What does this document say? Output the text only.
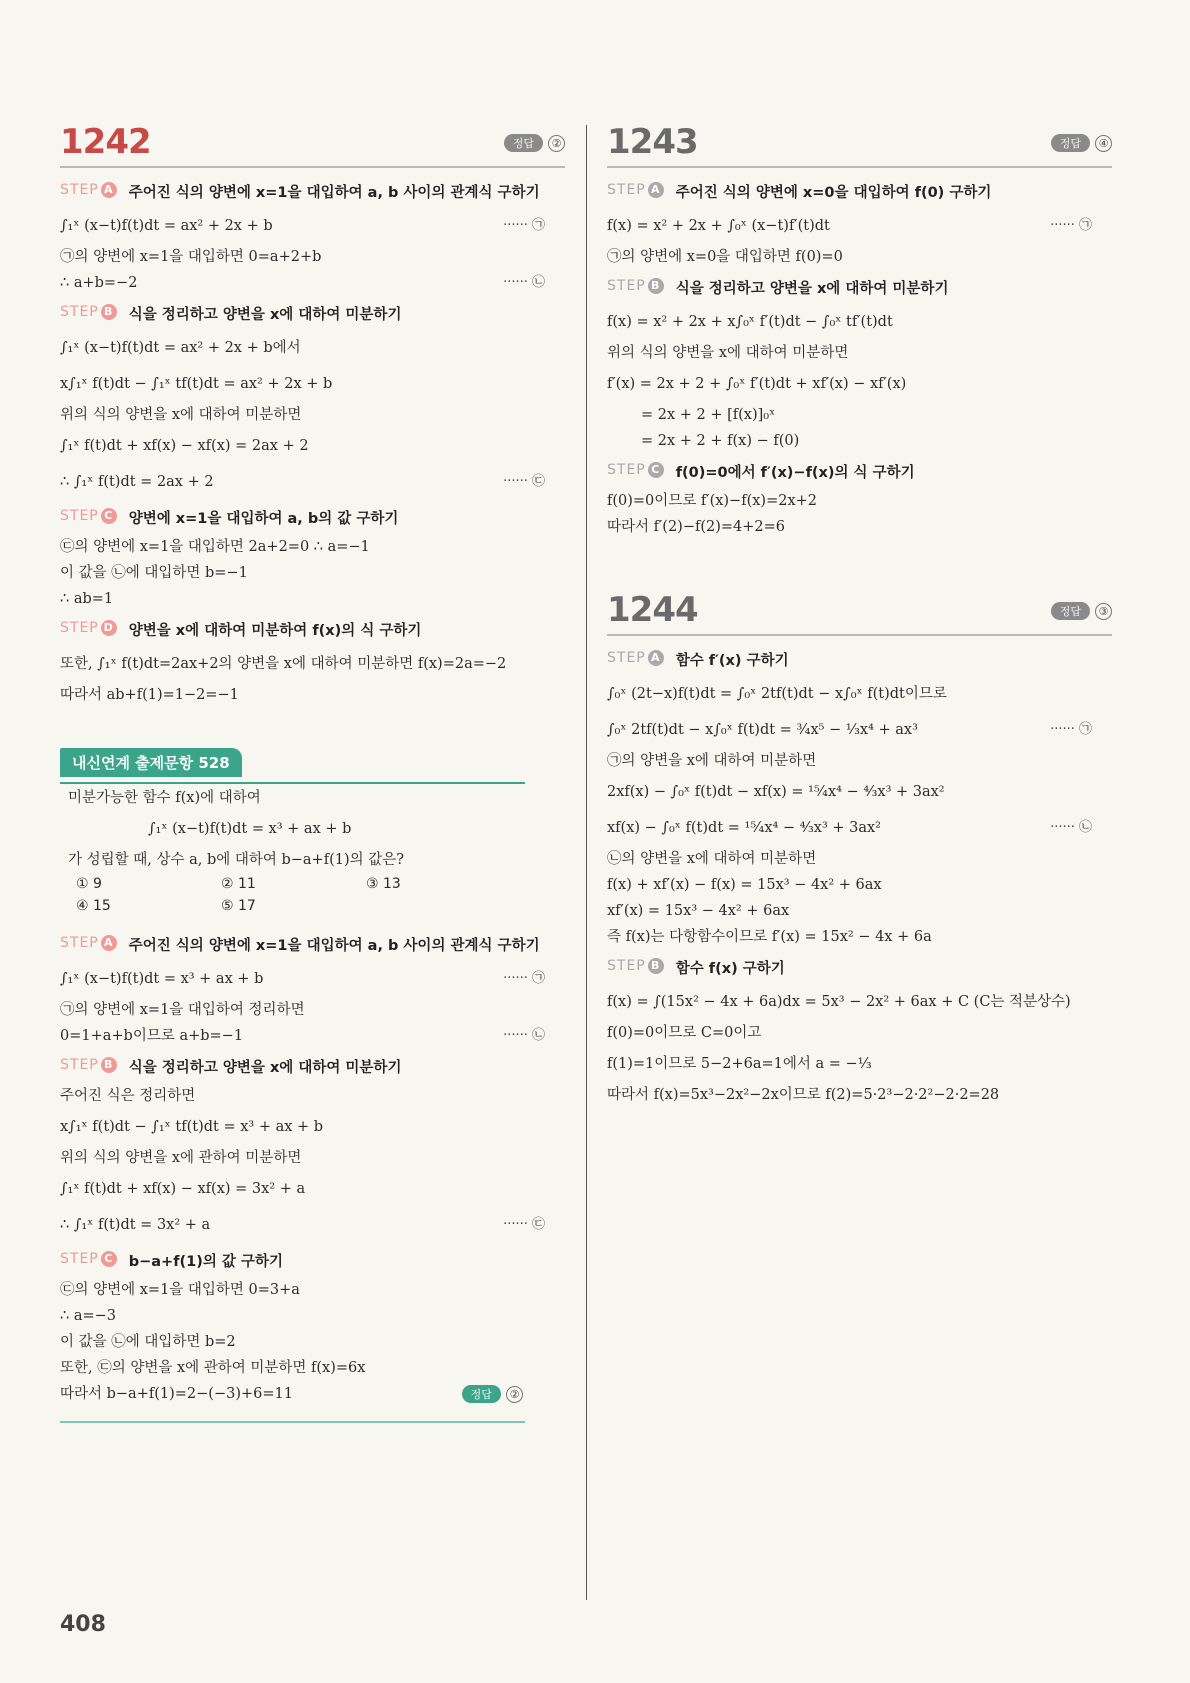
1242	정답	②
STEP A 주어진 식의 양변에 x=1을 대입하여 a, b 사이의 관계식 구하기
∫₁ˣ (x−t)f(t)dt = ax² + 2x + b	······ ㉠
㉠의 양변에 x=1을 대입하면 0=a+2+b
∴ a+b=−2	······ ㉡
STEP B 식을 정리하고 양변을 x에 대하여 미분하기
∫₁ˣ (x−t)f(t)dt = ax² + 2x + b에서
x∫₁ˣ f(t)dt − ∫₁ˣ tf(t)dt = ax² + 2x + b
위의 식의 양변을 x에 대하여 미분하면
∫₁ˣ f(t)dt + xf(x) − xf(x) = 2ax + 2
∴ ∫₁ˣ f(t)dt = 2ax + 2	······ ㉢
STEP C 양변에 x=1을 대입하여 a, b의 값 구하기
㉢의 양변에 x=1을 대입하면 2a+2=0 ∴ a=−1
이 값을 ㉡에 대입하면 b=−1
∴ ab=1
STEP D 양변을 x에 대하여 미분하여 f(x)의 식 구하기
또한, ∫₁ˣ f(t)dt=2ax+2의 양변을 x에 대하여 미분하면 f(x)=2a=−2
따라서 ab+f(1)=1−2=−1
내신연계 출제문항 528
미분가능한 함수 f(x)에 대하여
∫₁ˣ (x−t)f(t)dt = x³ + ax + b
가 성립할 때, 상수 a, b에 대하여 b−a+f(1)의 값은?
① 9	② 11	③ 13
④ 15	⑤ 17
STEP A 주어진 식의 양변에 x=1을 대입하여 a, b 사이의 관계식 구하기
∫₁ˣ (x−t)f(t)dt = x³ + ax + b	······ ㉠
㉠의 양변에 x=1을 대입하여 정리하면
0=1+a+b이므로 a+b=−1	······ ㉡
STEP B 식을 정리하고 양변을 x에 대하여 미분하기
주어진 식은 정리하면
x∫₁ˣ f(t)dt − ∫₁ˣ tf(t)dt = x³ + ax + b
위의 식의 양변을 x에 관하여 미분하면
∫₁ˣ f(t)dt + xf(x) − xf(x) = 3x² + a
∴ ∫₁ˣ f(t)dt = 3x² + a	······ ㉢
STEP C b−a+f(1)의 값 구하기
㉢의 양변에 x=1을 대입하면 0=3+a
∴ a=−3
이 값을 ㉡에 대입하면 b=2
또한, ㉢의 양변을 x에 관하여 미분하면 f(x)=6x
따라서 b−a+f(1)=2−(−3)+6=11	정답 ②
1243	정답	④
STEP A 주어진 식의 양변에 x=0을 대입하여 f(0) 구하기
f(x) = x² + 2x + ∫₀ˣ (x−t)f′(t)dt	······ ㉠
㉠의 양변에 x=0을 대입하면 f(0)=0
STEP B 식을 정리하고 양변을 x에 대하여 미분하기
f(x) = x² + 2x + x∫₀ˣ f′(t)dt − ∫₀ˣ tf′(t)dt
위의 식의 양변을 x에 대하여 미분하면
f′(x) = 2x + 2 + ∫₀ˣ f′(t)dt + xf′(x) − xf′(x)
= 2x + 2 + [f(x)]₀ˣ
= 2x + 2 + f(x) − f(0)
STEP C f(0)=0에서 f′(x)−f(x)의 식 구하기
f(0)=0이므로 f′(x)−f(x)=2x+2
따라서 f′(2)−f(2)=4+2=6
1244	정답	③
STEP A 함수 f′(x) 구하기
∫₀ˣ (2t−x)f(t)dt = ∫₀ˣ 2tf(t)dt − x∫₀ˣ f(t)dt이므로
∫₀ˣ 2tf(t)dt − x∫₀ˣ f(t)dt = ³⁄₄x⁵ − ¹⁄₃x⁴ + ax³	······ ㉠
㉠의 양변을 x에 대하여 미분하면
2xf(x) − ∫₀ˣ f(t)dt − xf(x) = ¹⁵⁄₄x⁴ − ⁴⁄₃x³ + 3ax²
xf(x) − ∫₀ˣ f(t)dt = ¹⁵⁄₄x⁴ − ⁴⁄₃x³ + 3ax²	······ ㉡
㉡의 양변을 x에 대하여 미분하면
f(x) + xf′(x) − f(x) = 15x³ − 4x² + 6ax
xf′(x) = 15x³ − 4x² + 6ax
즉 f(x)는 다항함수이므로 f′(x) = 15x² − 4x + 6a
STEP B 함수 f(x) 구하기
f(x) = ∫(15x² − 4x + 6a)dx = 5x³ − 2x² + 6ax + C (C는 적분상수)
f(0)=0이므로 C=0이고
f(1)=1이므로 5−2+6a=1에서 a = −¹⁄₃
따라서 f(x)=5x³−2x²−2x이므로 f(2)=5·2³−2·2²−2·2=28
408
